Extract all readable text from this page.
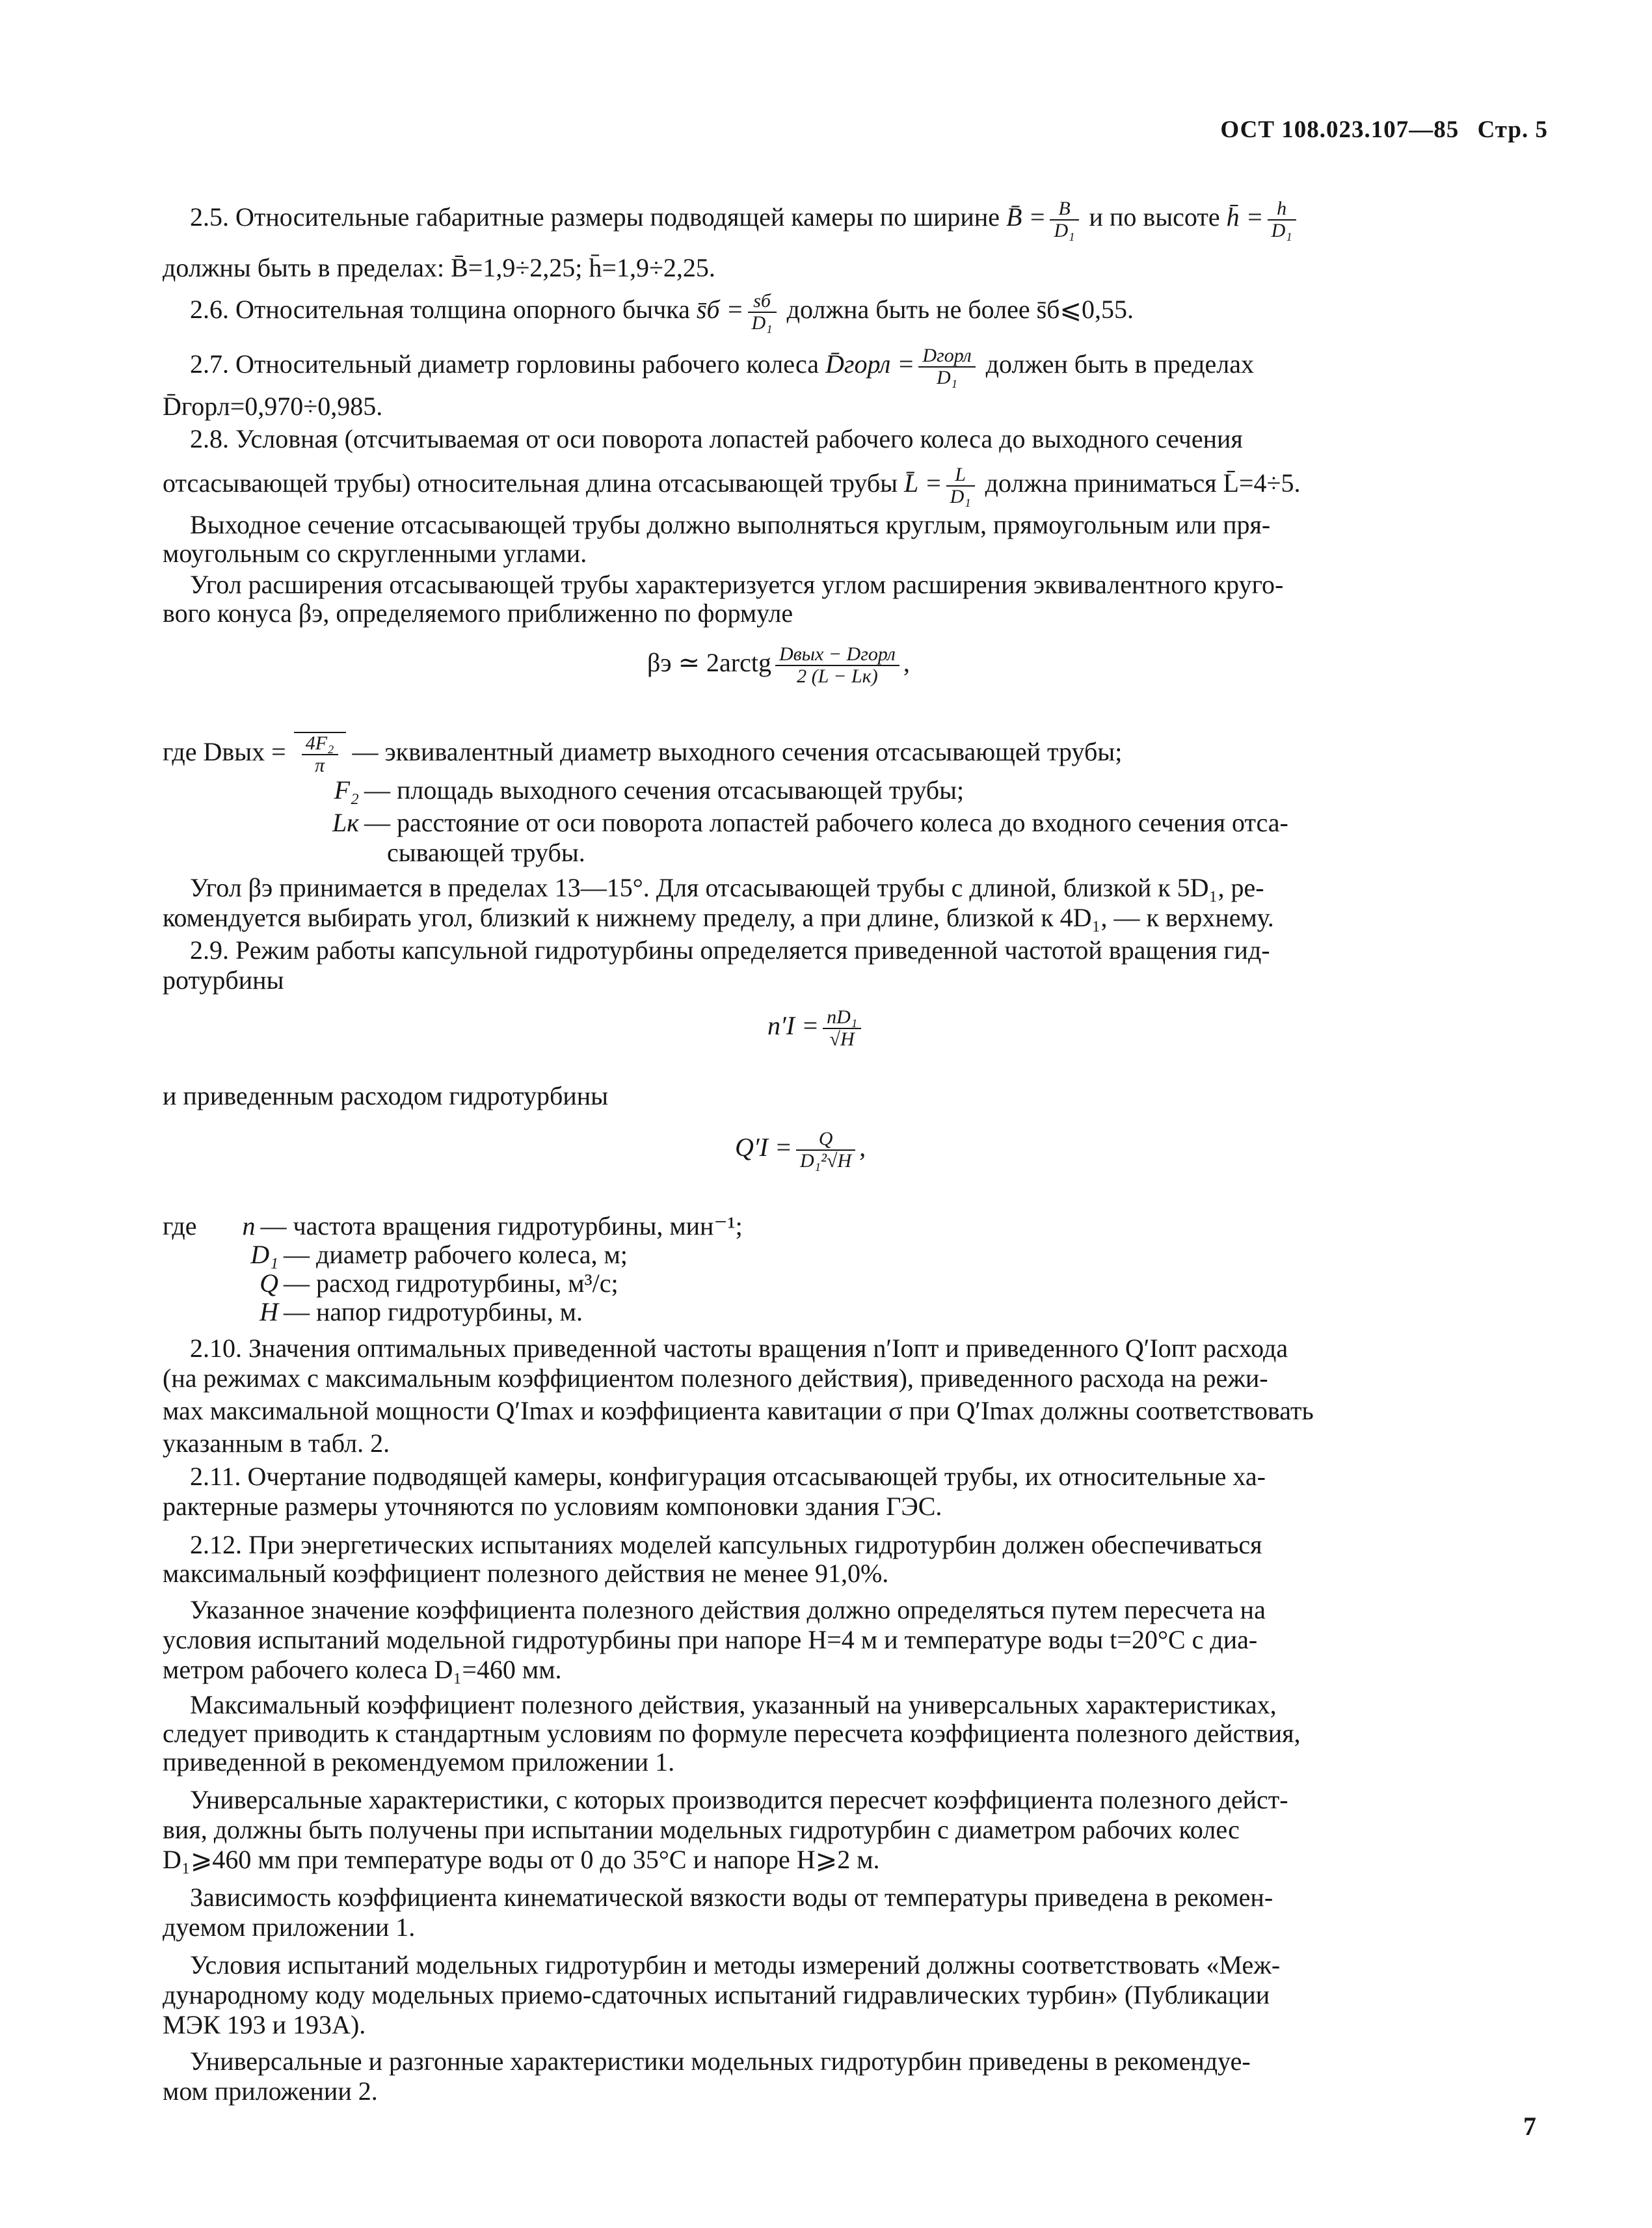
ОСТ 108.023.107—85 Стр. 5
2.5. Относительные габаритные размеры подводящей камеры по ширине B̄ = $\frac{B}{\text{D₁}}$ и по высоте h̄ = $\frac{h}{\text{D₁}}$
должны быть в пределах: B̄=1,9÷2,25; h̄=1,9÷2,25.
2.6. Относительная толщина опорного бычка s̄б = $\frac{sб}{\text{D₁}}$ должна быть не более s̄б⩽0,55.
2.7. Относительный диаметр горловины рабочего колеса D̄горл = $\frac{\text{Dгорл}}{\text{D₁}}$ должен быть в пределах
D̄горл=0,970÷0,985.
2.8. Условная (отсчитываемая от оси поворота лопастей рабочего колеса до выходного сечения
отсасывающей трубы) относительная длина отсасывающей трубы L̄ = $\frac{L}{\text{D₁}}$ должна приниматься L̄=4÷5.
Выходное сечение отсасывающей трубы должно выполняться круглым, прямоугольным или пря-
моугольным со скругленными углами.
Угол расширения отсасывающей трубы характеризуется углом расширения эквивалентного круго-
вого конуса βэ, определяемого приближенно по формуле
βэ ≃ 2arctg $\frac{\text{Dвых − Dгорл}}{2 (L - Lк)}$ ,
где Dвых = $\frac{\text{4F₂}}{\pi}$ — эквивалентный диаметр выходного сечения отсасывающей трубы;
F₂ — площадь выходного сечения отсасывающей трубы;
Lк — расстояние от оси поворота лопастей рабочего колеса до входного сечения отса-
сывающей трубы.
Угол βэ принимается в пределах 13—15°. Для отсасывающей трубы с длиной, близкой к 5D₁, ре-
комендуется выбирать угол, близкий к нижнему пределу, а при длине, близкой к 4D₁, — к верхнему.
2.9. Режим работы капсульной гидротурбины определяется приведенной частотой вращения гид-
ротурбины
$n'I = \frac{\text{nD₁}}{√H}$
и приведенным расходом гидротурбины
$Q'I = \frac{Q}{\text{D₁²√H}}$ ,
где n — частота вращения гидротурбины, мин⁻¹;
D₁ — диаметр рабочего колеса, м;
Q — расход гидротурбины, м³/с;
H — напор гидротурбины, м.
2.10. Значения оптимальных приведенной частоты вращения n′Iопт и приведенного Q′Iопт расхода
(на режимах с максимальным коэффициентом полезного действия), приведенного расхода на режи-
мах максимальной мощности Q′Imax и коэффициента кавитации σ при Q′Imax должны соответствовать
указанным в табл. 2.
2.11. Очертание подводящей камеры, конфигурация отсасывающей трубы, их относительные ха-
рактерные размеры уточняются по условиям компоновки здания ГЭС.
2.12. При энергетических испытаниях моделей капсульных гидротурбин должен обеспечиваться
максимальный коэффициент полезного действия не менее 91,0%.
Указанное значение коэффициента полезного действия должно определяться путем пересчета на
условия испытаний модельной гидротурбины при напоре H=4 м и температуре воды t=20°C с диа-
метром рабочего колеса D₁=460 мм.
Максимальный коэффициент полезного действия, указанный на универсальных характеристиках,
следует приводить к стандартным условиям по формуле пересчета коэффициента полезного действия,
приведенной в рекомендуемом приложении 1.
Универсальные характеристики, с которых производится пересчет коэффициента полезного дейст-
вия, должны быть получены при испытании модельных гидротурбин с диаметром рабочих колес
D₁⩾460 мм при температуре воды от 0 до 35°C и напоре H⩾2 м.
Зависимость коэффициента кинематической вязкости воды от температуры приведена в рекомен-
дуемом приложении 1.
Условия испытаний модельных гидротурбин и методы измерений должны соответствовать «Меж-
дународному коду модельных приемо-сдаточных испытаний гидравлических турбин» (Публикации
МЭК 193 и 193А).
Универсальные и разгонные характеристики модельных гидротурбин приведены в рекомендуе-
мом приложении 2.
7
